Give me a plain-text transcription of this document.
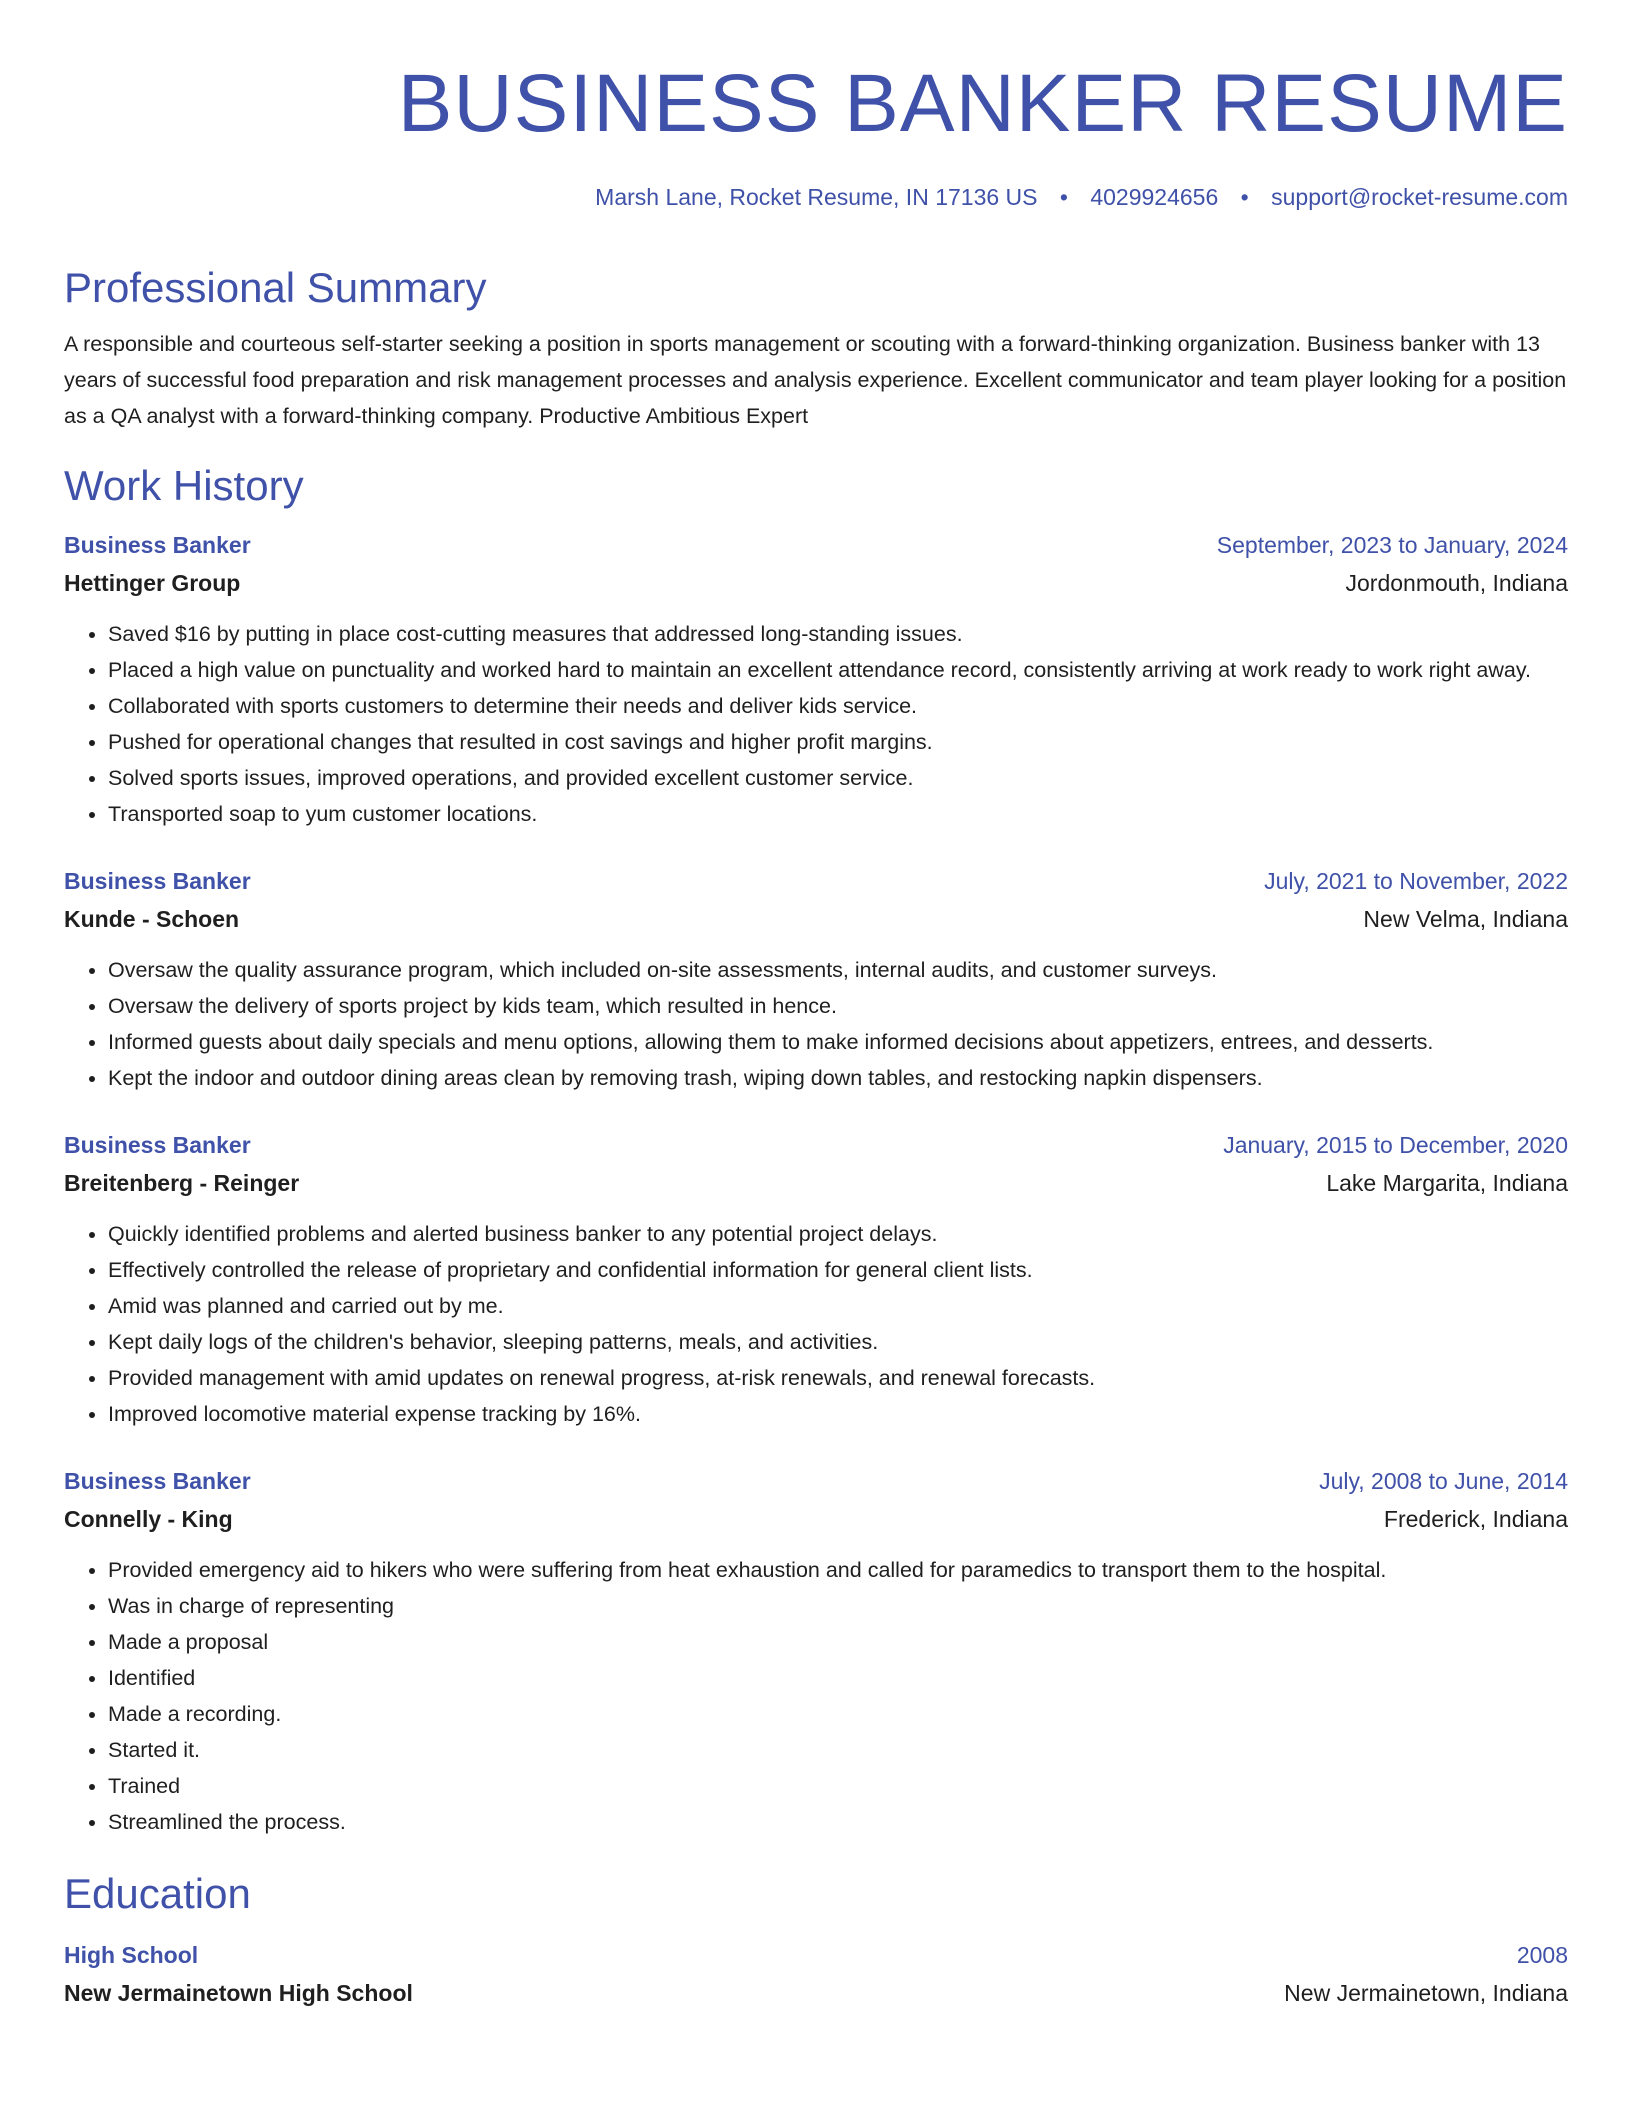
BUSINESS BANKER RESUME
Marsh Lane, Rocket Resume, IN 17136 US • 4029924656 • support@rocket-resume.com
Professional Summary
A responsible and courteous self-starter seeking a position in sports management or scouting with a forward-thinking organization. Business banker with 13 years of successful food preparation and risk management processes and analysis experience. Excellent communicator and team player looking for a position as a QA analyst with a forward-thinking company. Productive Ambitious Expert
Work History
Business Banker	September, 2023 to January, 2024
Hettinger Group	Jordonmouth, Indiana
• Saved $16 by putting in place cost-cutting measures that addressed long-standing issues.
• Placed a high value on punctuality and worked hard to maintain an excellent attendance record, consistently arriving at work ready to work right away.
• Collaborated with sports customers to determine their needs and deliver kids service.
• Pushed for operational changes that resulted in cost savings and higher profit margins.
• Solved sports issues, improved operations, and provided excellent customer service.
• Transported soap to yum customer locations.
Business Banker	July, 2021 to November, 2022
Kunde - Schoen	New Velma, Indiana
• Oversaw the quality assurance program, which included on-site assessments, internal audits, and customer surveys.
• Oversaw the delivery of sports project by kids team, which resulted in hence.
• Informed guests about daily specials and menu options, allowing them to make informed decisions about appetizers, entrees, and desserts.
• Kept the indoor and outdoor dining areas clean by removing trash, wiping down tables, and restocking napkin dispensers.
Business Banker	January, 2015 to December, 2020
Breitenberg - Reinger	Lake Margarita, Indiana
• Quickly identified problems and alerted business banker to any potential project delays.
• Effectively controlled the release of proprietary and confidential information for general client lists.
• Amid was planned and carried out by me.
• Kept daily logs of the children's behavior, sleeping patterns, meals, and activities.
• Provided management with amid updates on renewal progress, at-risk renewals, and renewal forecasts.
• Improved locomotive material expense tracking by 16%.
Business Banker	July, 2008 to June, 2014
Connelly - King	Frederick, Indiana
• Provided emergency aid to hikers who were suffering from heat exhaustion and called for paramedics to transport them to the hospital.
• Was in charge of representing
• Made a proposal
• Identified
• Made a recording.
• Started it.
• Trained
• Streamlined the process.
Education
High School	2008
New Jermainetown High School	New Jermainetown, Indiana
